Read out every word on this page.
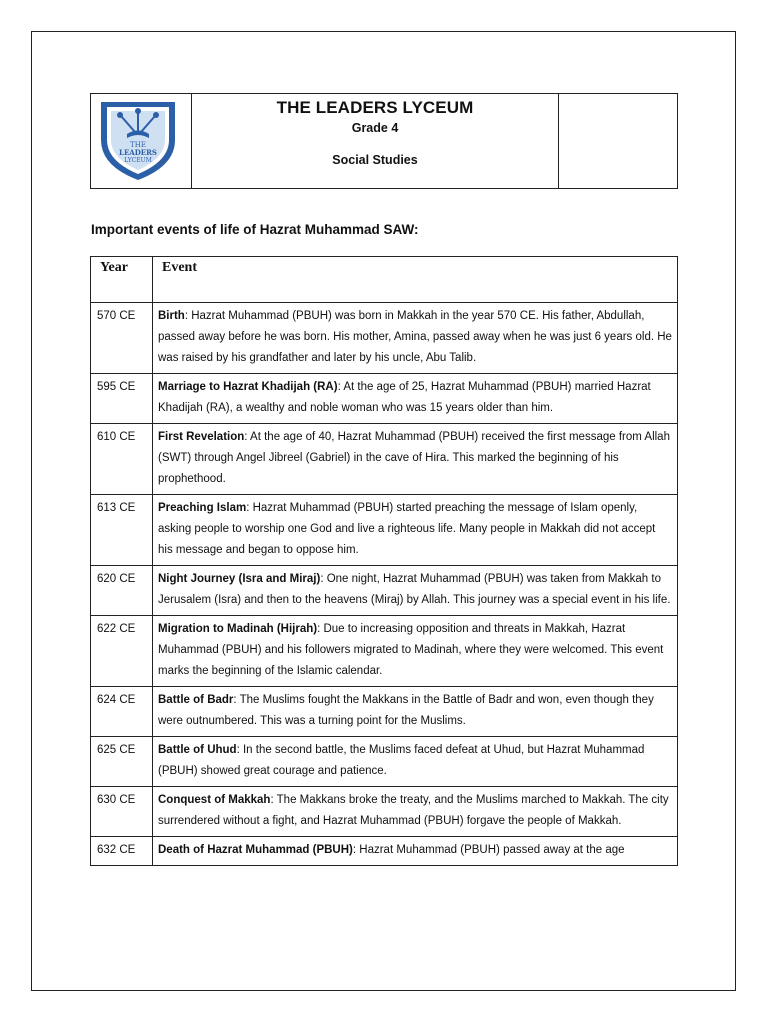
THE
LEADERS
LYCEUM
THE LEADERS LYCEUM
Grade 4
Social Studies
Important events of life of Hazrat Muhammad SAW:
Year	Event
570 CE	Birth: Hazrat Muhammad (PBUH) was born in Makkah in the year 570 CE. His father, Abdullah, passed away before he was born. His mother, Amina, passed away when he was just 6 years old. He was raised by his grandfather and later by his uncle, Abu Talib.
595 CE	Marriage to Hazrat Khadijah (RA): At the age of 25, Hazrat Muhammad (PBUH) married Hazrat Khadijah (RA), a wealthy and noble woman who was 15 years older than him.
610 CE	First Revelation: At the age of 40, Hazrat Muhammad (PBUH) received the first message from Allah (SWT) through Angel Jibreel (Gabriel) in the cave of Hira. This marked the beginning of his prophethood.
613 CE	Preaching Islam: Hazrat Muhammad (PBUH) started preaching the message of Islam openly, asking people to worship one God and live a righteous life. Many people in Makkah did not accept his message and began to oppose him.
620 CE	Night Journey (Isra and Miraj): One night, Hazrat Muhammad (PBUH) was taken from Makkah to Jerusalem (Isra) and then to the heavens (Miraj) by Allah. This journey was a special event in his life.
622 CE	Migration to Madinah (Hijrah): Due to increasing opposition and threats in Makkah, Hazrat Muhammad (PBUH) and his followers migrated to Madinah, where they were welcomed. This event marks the beginning of the Islamic calendar.
624 CE	Battle of Badr: The Muslims fought the Makkans in the Battle of Badr and won, even though they were outnumbered. This was a turning point for the Muslims.
625 CE	Battle of Uhud: In the second battle, the Muslims faced defeat at Uhud, but Hazrat Muhammad (PBUH) showed great courage and patience.
630 CE	Conquest of Makkah: The Makkans broke the treaty, and the Muslims marched to Makkah. The city surrendered without a fight, and Hazrat Muhammad (PBUH) forgave the people of Makkah.
632 CE	Death of Hazrat Muhammad (PBUH): Hazrat Muhammad (PBUH) passed away at the age
